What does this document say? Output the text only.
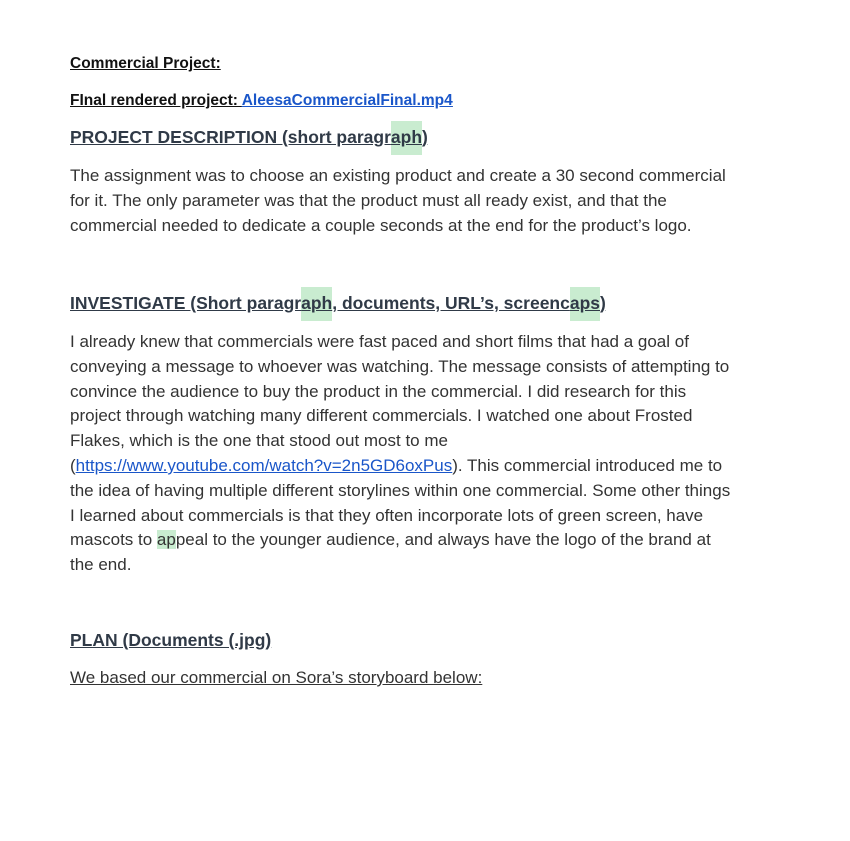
Commercial Project:
FInal rendered project: AleesaCommercialFinal.mp4
PROJECT DESCRIPTION (short paragraph)

The assignment was to choose an existing product and create a 30 second commercial

for it. The only parameter was that the product must all ready exist, and that the

commercial needed to dedicate a couple seconds at the end for the product’s logo.

INVESTIGATE (Short paragraph, documents, URL’s, screencaps)

I already knew that commercials were fast paced and short films that had a goal of

conveying a message to whoever was watching. The message consists of attempting to

convince the audience to buy the product in the commercial. I did research for this

project through watching many different commercials. I watched one about Frosted

Flakes, which is the one that stood out most to me

(https://www.youtube.com/watch?v=2n5GD6oxPus). This commercial introduced me to

the idea of having multiple different storylines within one commercial. Some other things

I learned about commercials is that they often incorporate lots of green screen, have

mascots to appeal to the younger audience, and always have the logo of the brand at

the end.

PLAN (Documents (.jpg)
We based our commercial on Sora’s storyboard below:
